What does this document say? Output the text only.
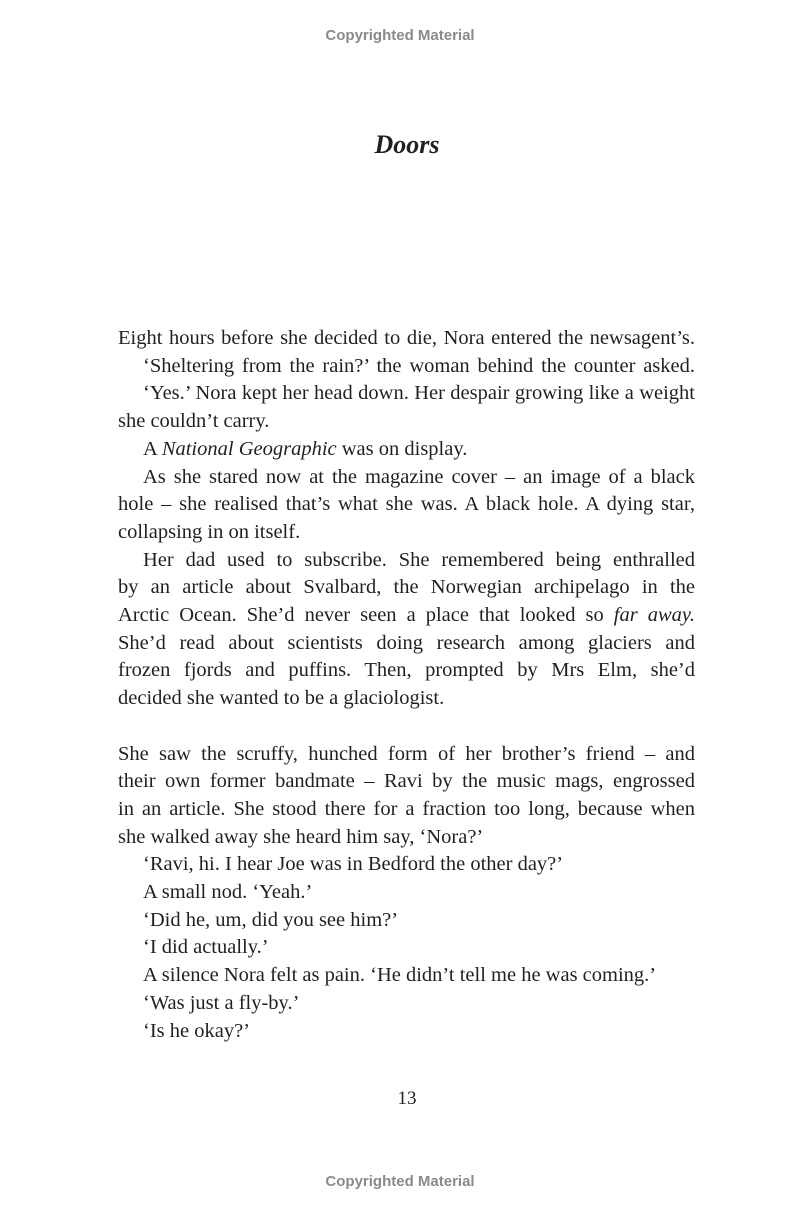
Copyrighted Material
Doors
Eight hours before she decided to die, Nora entered the newsagent’s.
‘Sheltering from the rain?’ the woman behind the counter asked.
‘Yes.’ Nora kept her head down. Her despair growing like a weight
she couldn’t carry.
A National Geographic was on display.
As she stared now at the magazine cover – an image of a black
hole – she realised that’s what she was. A black hole. A dying star,
collapsing in on itself.
Her dad used to subscribe. She remembered being enthralled
by an article about Svalbard, the Norwegian archipelago in the
Arctic Ocean. She’d never seen a place that looked so far away.
She’d read about scientists doing research among glaciers and
frozen fjords and puffins. Then, prompted by Mrs Elm, she’d
decided she wanted to be a glaciologist.
She saw the scruffy, hunched form of her brother’s friend – and
their own former bandmate – Ravi by the music mags, engrossed
in an article. She stood there for a fraction too long, because when
she walked away she heard him say, ‘Nora?’
‘Ravi, hi. I hear Joe was in Bedford the other day?’
A small nod. ‘Yeah.’
‘Did he, um, did you see him?’
‘I did actually.’
A silence Nora felt as pain. ‘He didn’t tell me he was coming.’
‘Was just a fly-by.’
‘Is he okay?’
13
Copyrighted Material
